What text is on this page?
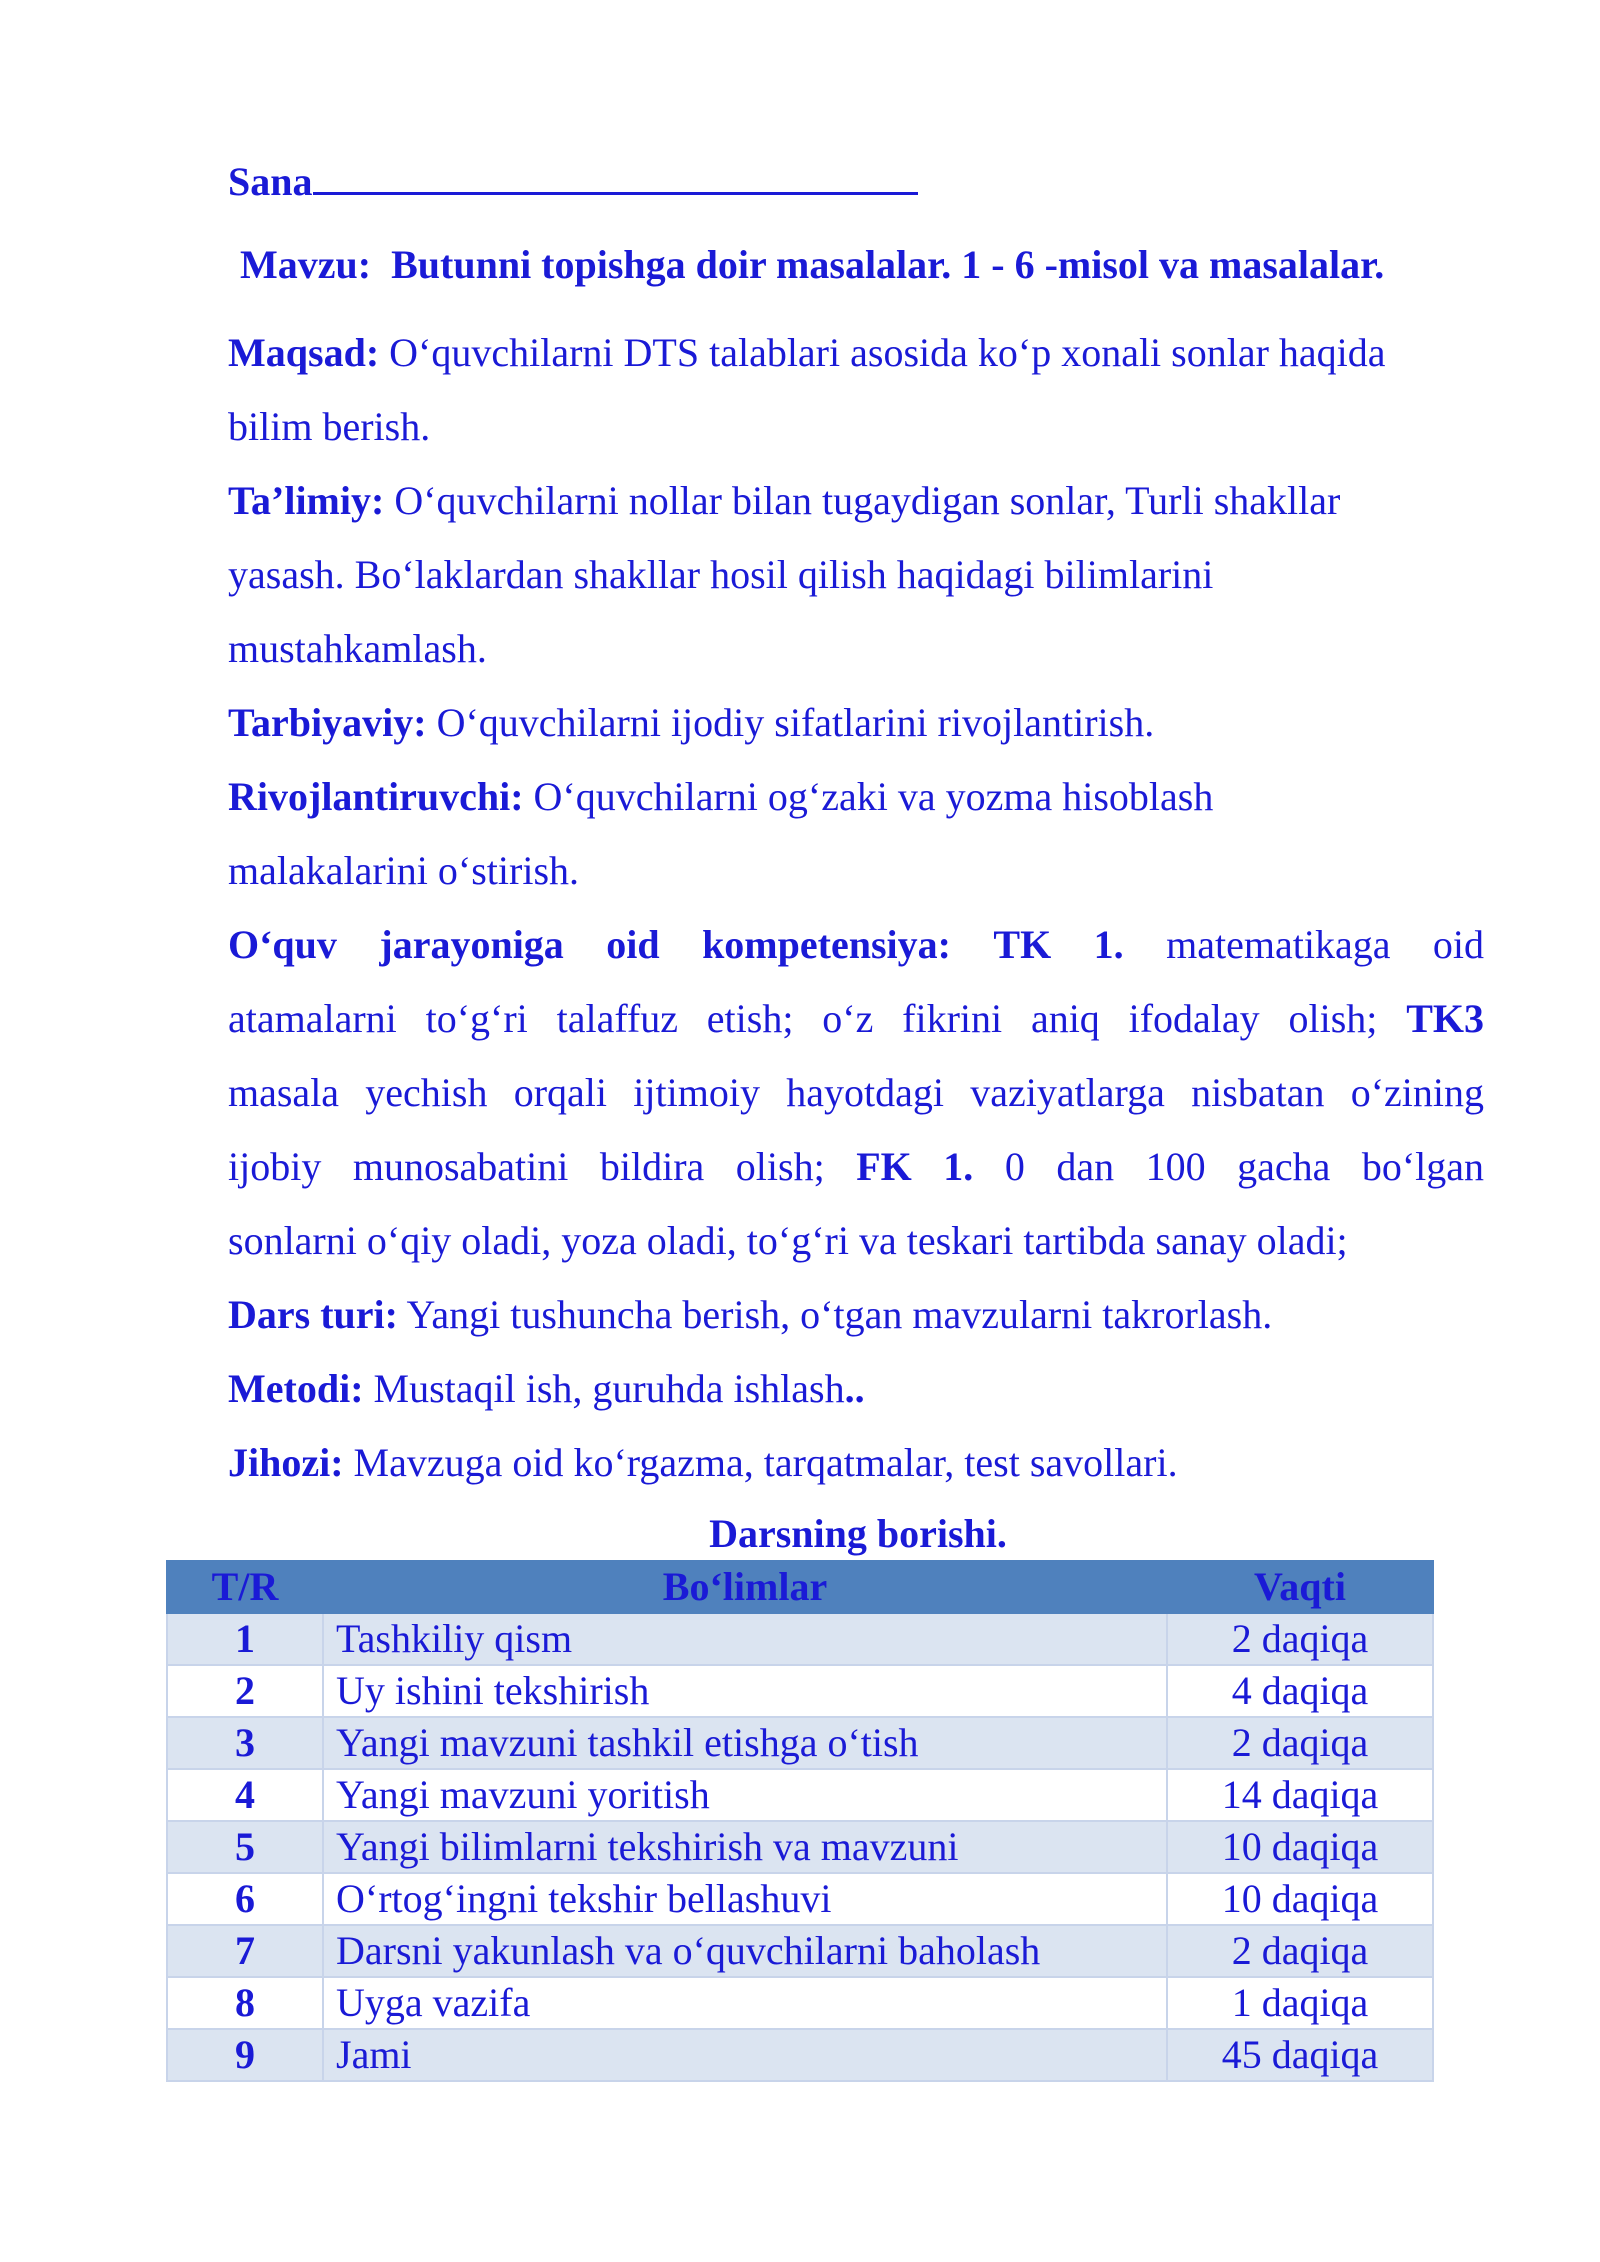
Sana

Mavzu: Butunni topishga doir masalalar. 1 - 6 -misol va masalalar.

Maqsad: O‘quvchilarni DTS talablari asosida ko‘p xonali sonlar haqida
bilim berish.

Ta’limiy: O‘quvchilarni nollar bilan tugaydigan sonlar, Turli shakllar
yasash. Bo‘laklardan shakllar hosil qilish haqidagi bilimlarini
mustahkamlash.

Tarbiyaviy: O‘quvchilarni ijodiy sifatlarini rivojlantirish.

Rivojlantiruvchi: O‘quvchilarni og‘zaki va yozma hisoblash
malakalarini o‘stirish.

O‘quv jarayoniga oid kompetensiya: TK 1. matematikaga oid

atamalarni to‘g‘ri talaffuz etish; o‘z fikrini aniq ifodalay olish; TK3

masala yechish orqali ijtimoiy hayotdagi vaziyatlarga nisbatan o‘zining

ijobiy munosabatini bildira olish; FK 1. 0 dan 100 gacha bo‘lgan

sonlarni o‘qiy oladi, yoza oladi, to‘g‘ri va teskari tartibda sanay oladi;

Dars turi: Yangi tushuncha berish, o‘tgan mavzularni takrorlash.

Metodi: Mustaqil ish, guruhda ishlash..

Jihozi: Mavzuga oid ko‘rgazma, tarqatmalar, test savollari.

Darsning borishi.

T/R	Bo‘limlar	Vaqti
1	Tashkiliy qism	2 daqiqa
2	Uy ishini tekshirish	4 daqiqa
3	Yangi mavzuni tashkil etishga o‘tish	2 daqiqa
4	Yangi mavzuni yoritish	14 daqiqa
5	Yangi bilimlarni tekshirish va mavzuni	10 daqiqa
6	O‘rtog‘ingni tekshir bellashuvi	10 daqiqa
7	Darsni yakunlash va o‘quvchilarni baholash	2 daqiqa
8	Uyga vazifa	1 daqiqa
9	Jami	45 daqiqa
